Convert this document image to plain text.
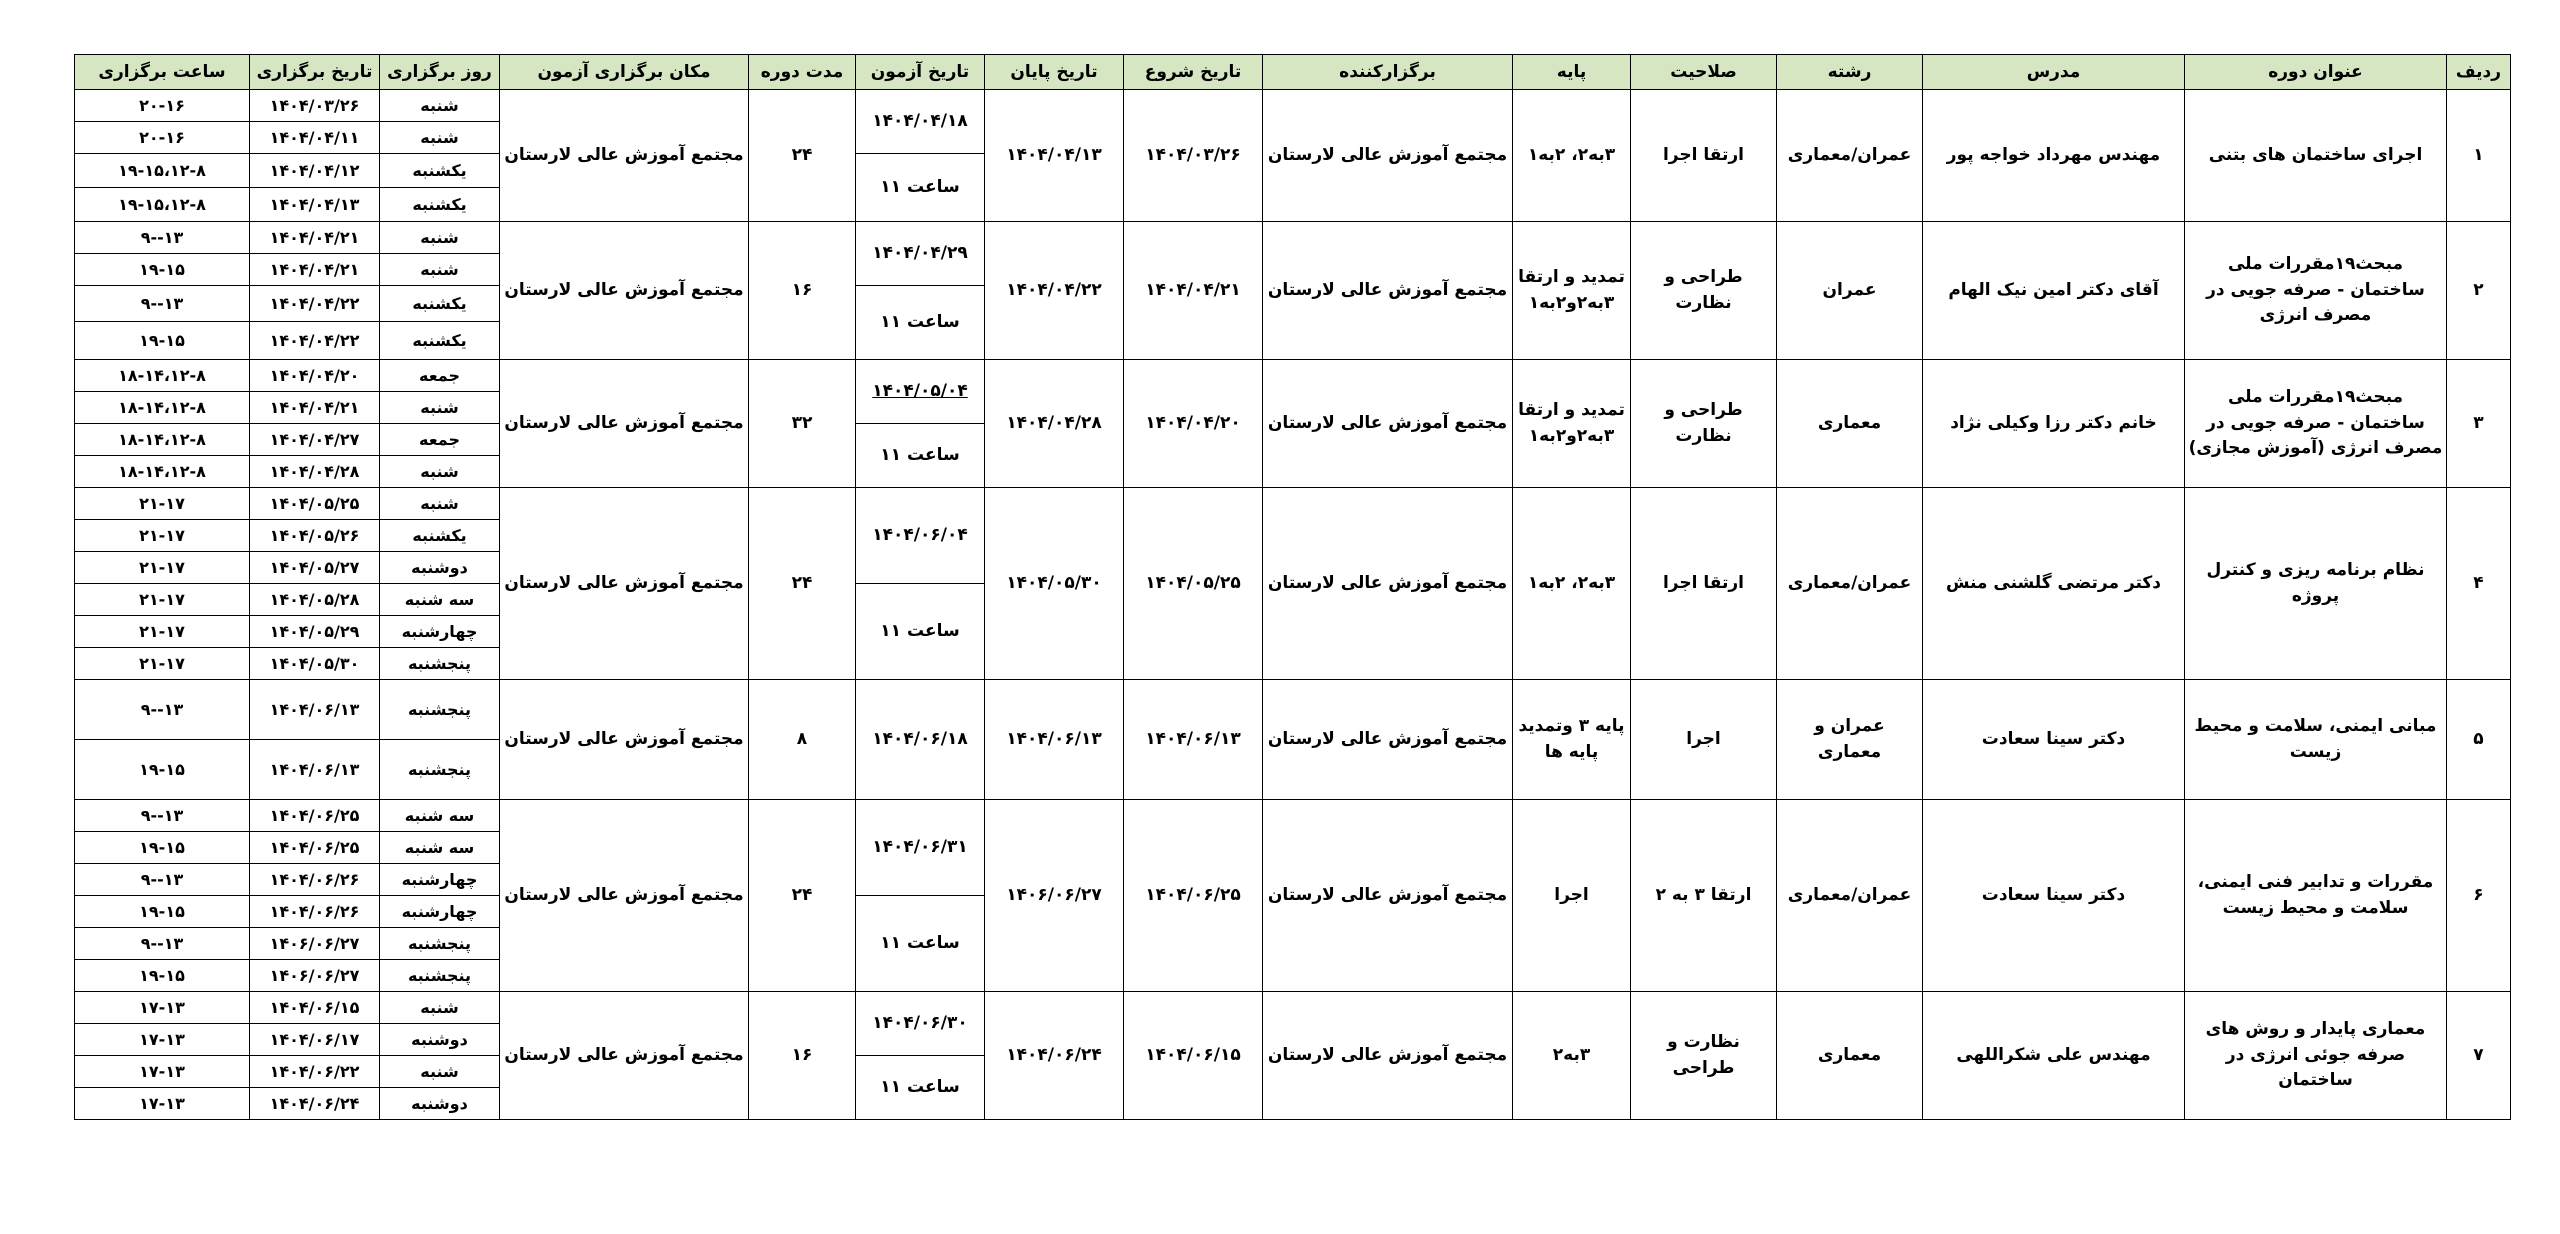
ردیف	عنوان دوره	مدرس	رشته	صلاحیت	پایه	برگزارکننده	تاریخ شروع	تاریخ پایان	تاریخ آزمون	مدت دوره	مکان برگزاری آزمون	روز برگزاری	تاریخ برگزاری	ساعت برگزاری
۱	اجرای ساختمان های بتنی	مهندس مهرداد خواجه پور	عمران/معماری	ارتقا اجرا	۳به۲، ۲به۱	مجتمع آموزش عالی لارستان	۱۴۰۴/۰۳/۲۶	۱۴۰۴/۰۴/۱۳	۱۴۰۴/۰۴/۱۸	۲۴	مجتمع آموزش عالی لارستان	شنبه	۱۴۰۴/۰۳/۲۶	۲۰-۱۶
												شنبه	۱۴۰۴/۰۴/۱۱	۲۰-۱۶
									ساعت ۱۱			یکشنبه	۱۴۰۴/۰۴/۱۲	۱۹-۱۵،۱۲-۸
												یکشنبه	۱۴۰۴/۰۴/۱۳	۱۹-۱۵،۱۲-۸
۲	مبحث۱۹مقررات ملی ساختمان - صرفه جویی در مصرف انرژی	آقای دکتر امین نیک الهام	عمران	طراحی و نظارت	تمدید و ارتقا ۳به۲و۲به۱	مجتمع آموزش عالی لارستان	۱۴۰۴/۰۴/۲۱	۱۴۰۴/۰۴/۲۲	۱۴۰۴/۰۴/۲۹	۱۶	مجتمع آموزش عالی لارستان	شنبه	۱۴۰۴/۰۴/۲۱	۱۳--۹
												شنبه	۱۴۰۴/۰۴/۲۱	۱۹-۱۵
									ساعت ۱۱			یکشنبه	۱۴۰۴/۰۴/۲۲	۱۳--۹
												یکشنبه	۱۴۰۴/۰۴/۲۲	۱۹-۱۵
۳	مبحث۱۹مقررات ملی ساختمان - صرفه جویی در مصرف انرژی (آموزش مجازی)	خانم دکتر رزا وکیلی نژاد	معماری	طراحی و نظارت	تمدید و ارتقا ۳به۲و۲به۱	مجتمع آموزش عالی لارستان	۱۴۰۴/۰۴/۲۰	۱۴۰۴/۰۴/۲۸	۱۴۰۴/۰۵/۰۴	۳۲	مجتمع آموزش عالی لارستان	جمعه	۱۴۰۴/۰۴/۲۰	۱۸-۱۴،۱۲-۸
												شنبه	۱۴۰۴/۰۴/۲۱	۱۸-۱۴،۱۲-۸
									ساعت ۱۱			جمعه	۱۴۰۴/۰۴/۲۷	۱۸-۱۴،۱۲-۸
												شنبه	۱۴۰۴/۰۴/۲۸	۱۸-۱۴،۱۲-۸
۴	نظام برنامه ریزی و کنترل پروژه	دکتر مرتضی گلشنی منش	عمران/معماری	ارتقا اجرا	۳به۲، ۲به۱	مجتمع آموزش عالی لارستان	۱۴۰۴/۰۵/۲۵	۱۴۰۴/۰۵/۳۰	۱۴۰۴/۰۶/۰۴	۲۴	مجتمع آموزش عالی لارستان	شنبه	۱۴۰۴/۰۵/۲۵	۲۱-۱۷
												یکشنبه	۱۴۰۴/۰۵/۲۶	۲۱-۱۷
												دوشنبه	۱۴۰۴/۰۵/۲۷	۲۱-۱۷
									ساعت ۱۱			سه شنبه	۱۴۰۴/۰۵/۲۸	۲۱-۱۷
												چهارشنبه	۱۴۰۴/۰۵/۲۹	۲۱-۱۷
												پنجشنبه	۱۴۰۴/۰۵/۳۰	۲۱-۱۷
۵	مبانی ایمنی، سلامت و محیط زیست	دکتر سینا سعادت	عمران و معماری	اجرا	پایه ۳ وتمدید پایه ها	مجتمع آموزش عالی لارستان	۱۴۰۴/۰۶/۱۳	۱۴۰۴/۰۶/۱۳	۱۴۰۴/۰۶/۱۸	۸	مجتمع آموزش عالی لارستان	پنجشنبه	۱۴۰۴/۰۶/۱۳	۱۳--۹
												پنجشنبه	۱۴۰۴/۰۶/۱۳	۱۹-۱۵
۶	مقررات و تدابیر فنی ایمنی، سلامت و محیط زیست	دکتر سینا سعادت	عمران/معماری	ارتقا ۳ به ۲	اجرا	مجتمع آموزش عالی لارستان	۱۴۰۴/۰۶/۲۵	۱۴۰۶/۰۶/۲۷	۱۴۰۴/۰۶/۳۱	۲۴	مجتمع آموزش عالی لارستان	سه شنبه	۱۴۰۴/۰۶/۲۵	۱۳--۹
												سه شنبه	۱۴۰۴/۰۶/۲۵	۱۹-۱۵
												چهارشنبه	۱۴۰۴/۰۶/۲۶	۱۳--۹
									ساعت ۱۱			چهارشنبه	۱۴۰۴/۰۶/۲۶	۱۹-۱۵
												پنجشنبه	۱۴۰۶/۰۶/۲۷	۱۳--۹
												پنجشنبه	۱۴۰۶/۰۶/۲۷	۱۹-۱۵
۷	معماری پایدار و روش های صرفه جوئی انرژی در ساختمان	مهندس علی شکراللهی	معماری	نظارت و طراحی	۳به۲	مجتمع آموزش عالی لارستان	۱۴۰۴/۰۶/۱۵	۱۴۰۴/۰۶/۲۴	۱۴۰۴/۰۶/۳۰	۱۶	مجتمع آموزش عالی لارستان	شنبه	۱۴۰۴/۰۶/۱۵	۱۷-۱۳
												دوشنبه	۱۴۰۴/۰۶/۱۷	۱۷-۱۳
									ساعت ۱۱			شنبه	۱۴۰۴/۰۶/۲۲	۱۷-۱۳
												دوشنبه	۱۴۰۴/۰۶/۲۴	۱۷-۱۳
